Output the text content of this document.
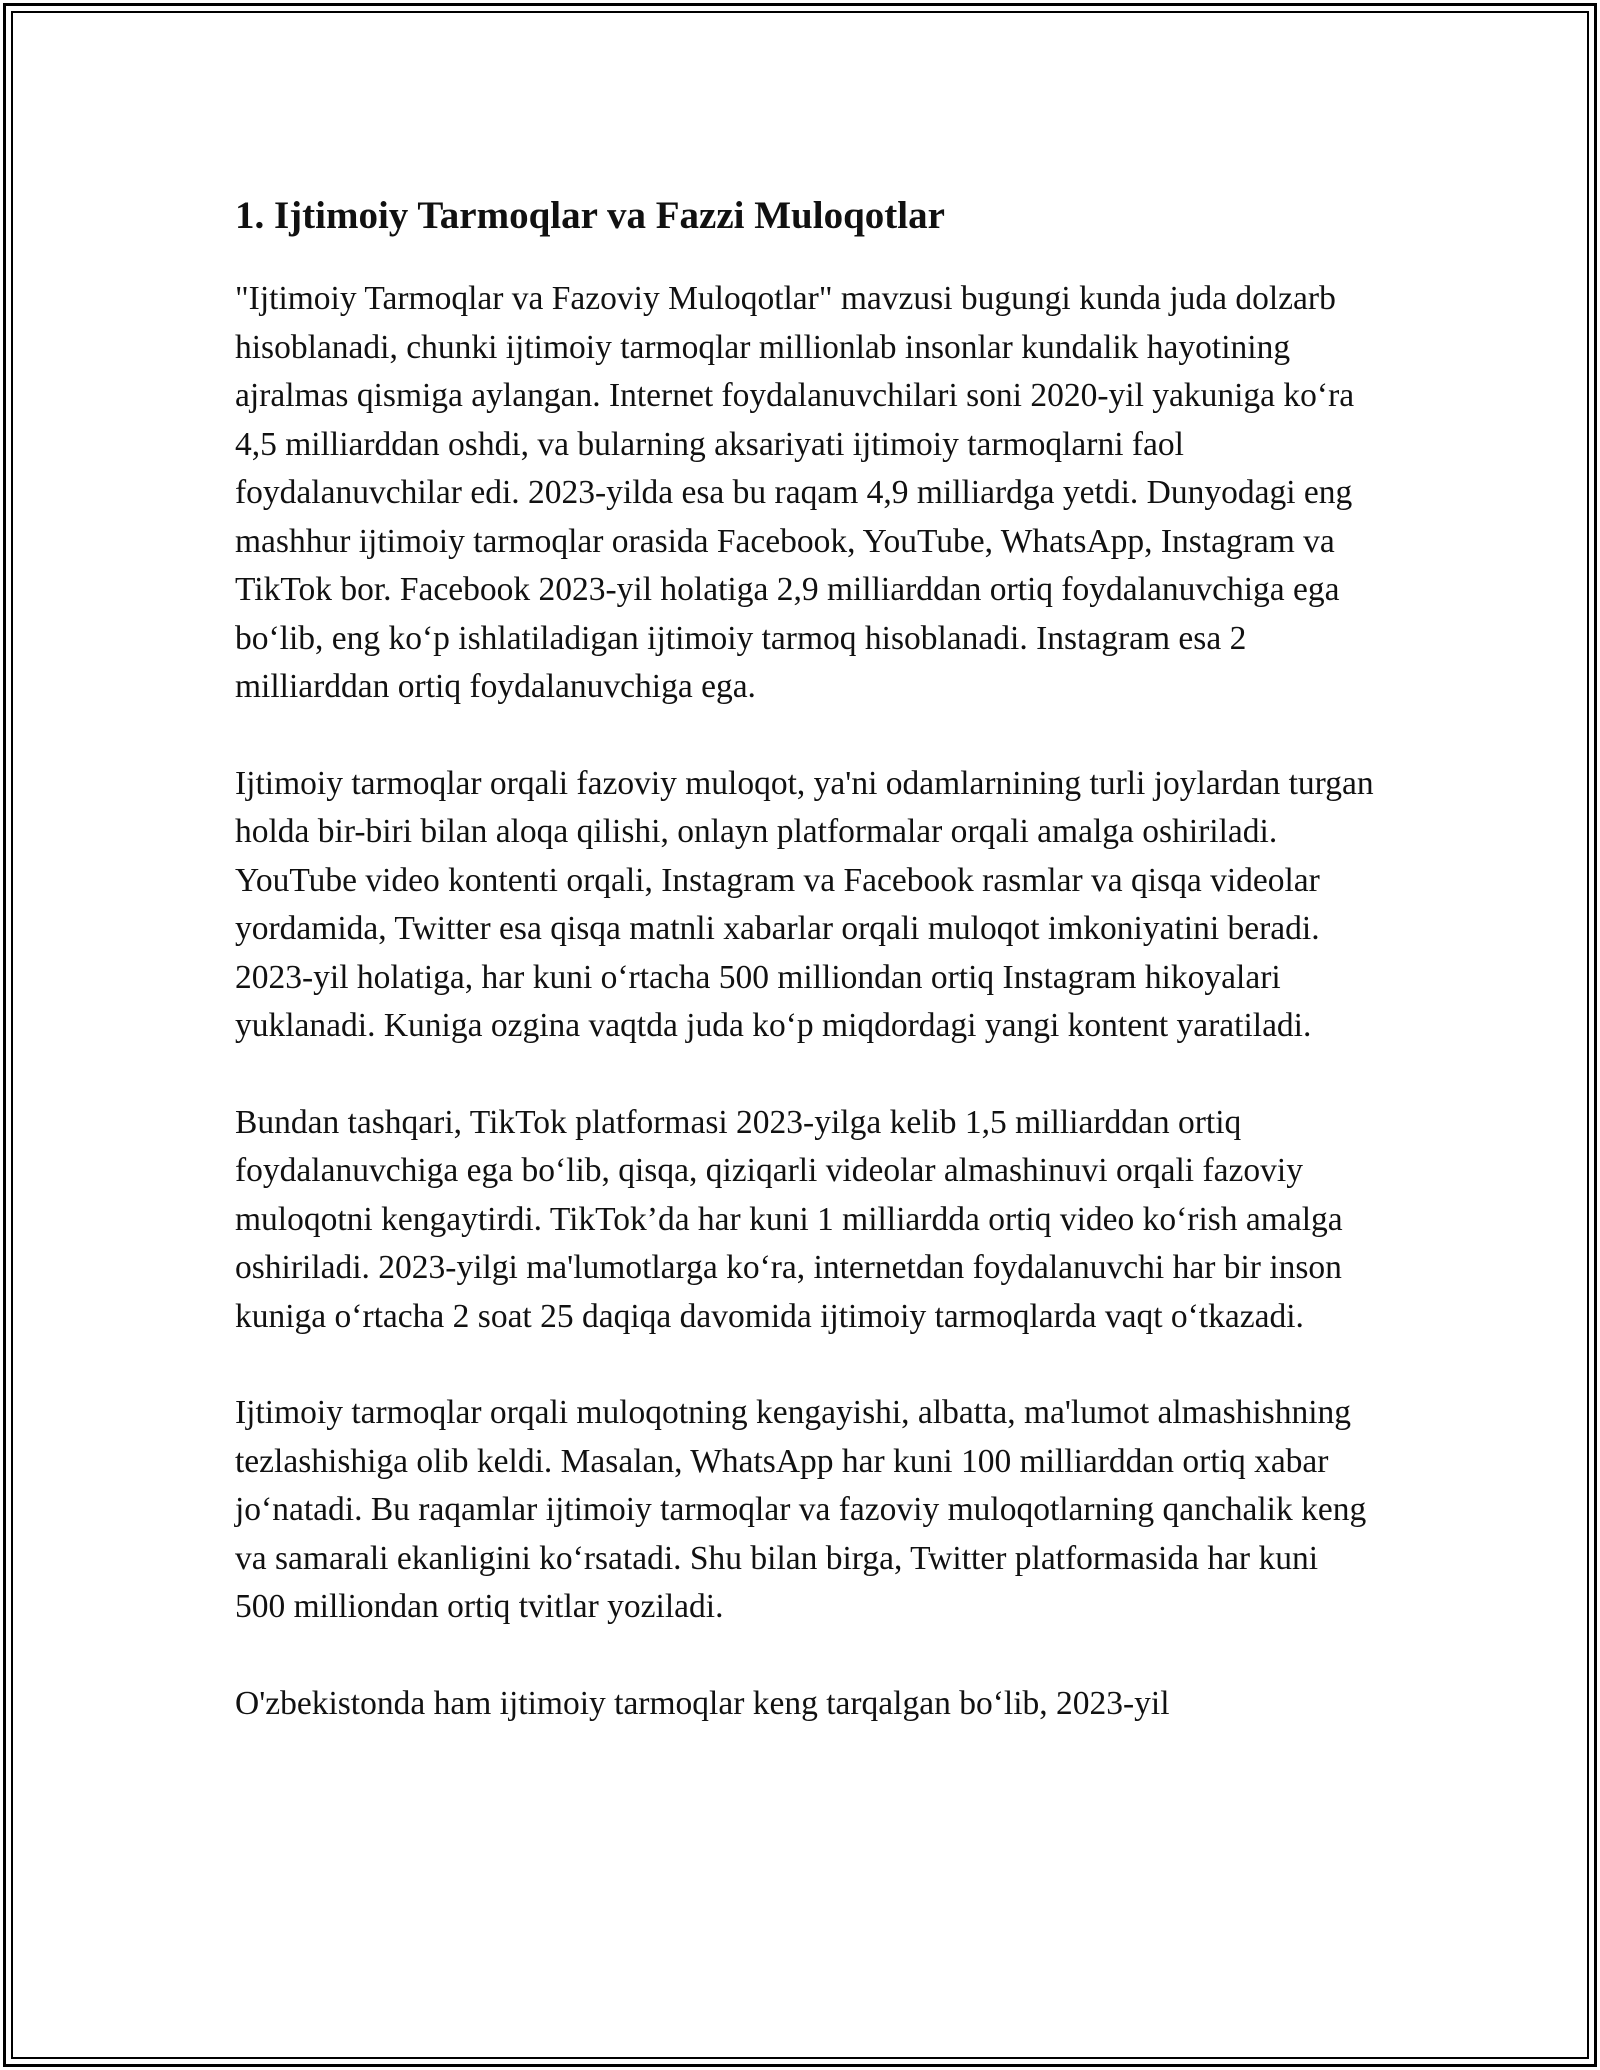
1. Ijtimoiy Tarmoqlar va Fazzi Muloqotlar

"Ijtimoiy Tarmoqlar va Fazoviy Muloqotlar" mavzusi bugungi kunda juda dolzarb hisoblanadi, chunki ijtimoiy tarmoqlar millionlab insonlar kundalik hayotining ajralmas qismiga aylangan. Internet foydalanuvchilari soni 2020-yil yakuniga ko‘ra 4,5 milliarddan oshdi, va bularning aksariyati ijtimoiy tarmoqlarni faol foydalanuvchilar edi. 2023-yilda esa bu raqam 4,9 milliardga yetdi. Dunyodagi eng mashhur ijtimoiy tarmoqlar orasida Facebook, YouTube, WhatsApp, Instagram va TikTok bor. Facebook 2023-yil holatiga 2,9 milliarddan ortiq foydalanuvchiga ega bo‘lib, eng ko‘p ishlatiladigan ijtimoiy tarmoq hisoblanadi. Instagram esa 2 milliarddan ortiq foydalanuvchiga ega.

Ijtimoiy tarmoqlar orqali fazoviy muloqot, ya'ni odamlarnining turli joylardan turgan holda bir-biri bilan aloqa qilishi, onlayn platformalar orqali amalga oshiriladi. YouTube video kontenti orqali, Instagram va Facebook rasmlar va qisqa videolar yordamida, Twitter esa qisqa matnli xabarlar orqali muloqot imkoniyatini beradi. 2023-yil holatiga, har kuni o‘rtacha 500 milliondan ortiq Instagram hikoyalari yuklanadi. Kuniga ozgina vaqtda juda ko‘p miqdordagi yangi kontent yaratiladi.

Bundan tashqari, TikTok platformasi 2023-yilga kelib 1,5 milliarddan ortiq foydalanuvchiga ega bo‘lib, qisqa, qiziqarli videolar almashinuvi orqali fazoviy muloqotni kengaytirdi. TikTok’da har kuni 1 milliardda ortiq video ko‘rish amalga oshiriladi. 2023-yilgi ma'lumotlarga ko‘ra, internetdan foydalanuvchi har bir inson kuniga o‘rtacha 2 soat 25 daqiqa davomida ijtimoiy tarmoqlarda vaqt o‘tkazadi.

Ijtimoiy tarmoqlar orqali muloqotning kengayishi, albatta, ma'lumot almashishning tezlashishiga olib keldi. Masalan, WhatsApp har kuni 100 milliarddan ortiq xabar jo‘natadi. Bu raqamlar ijtimoiy tarmoqlar va fazoviy muloqotlarning qanchalik keng va samarali ekanligini ko‘rsatadi. Shu bilan birga, Twitter platformasida har kuni 500 milliondan ortiq tvitlar yoziladi.

O'zbekistonda ham ijtimoiy tarmoqlar keng tarqalgan bo‘lib, 2023-yil
